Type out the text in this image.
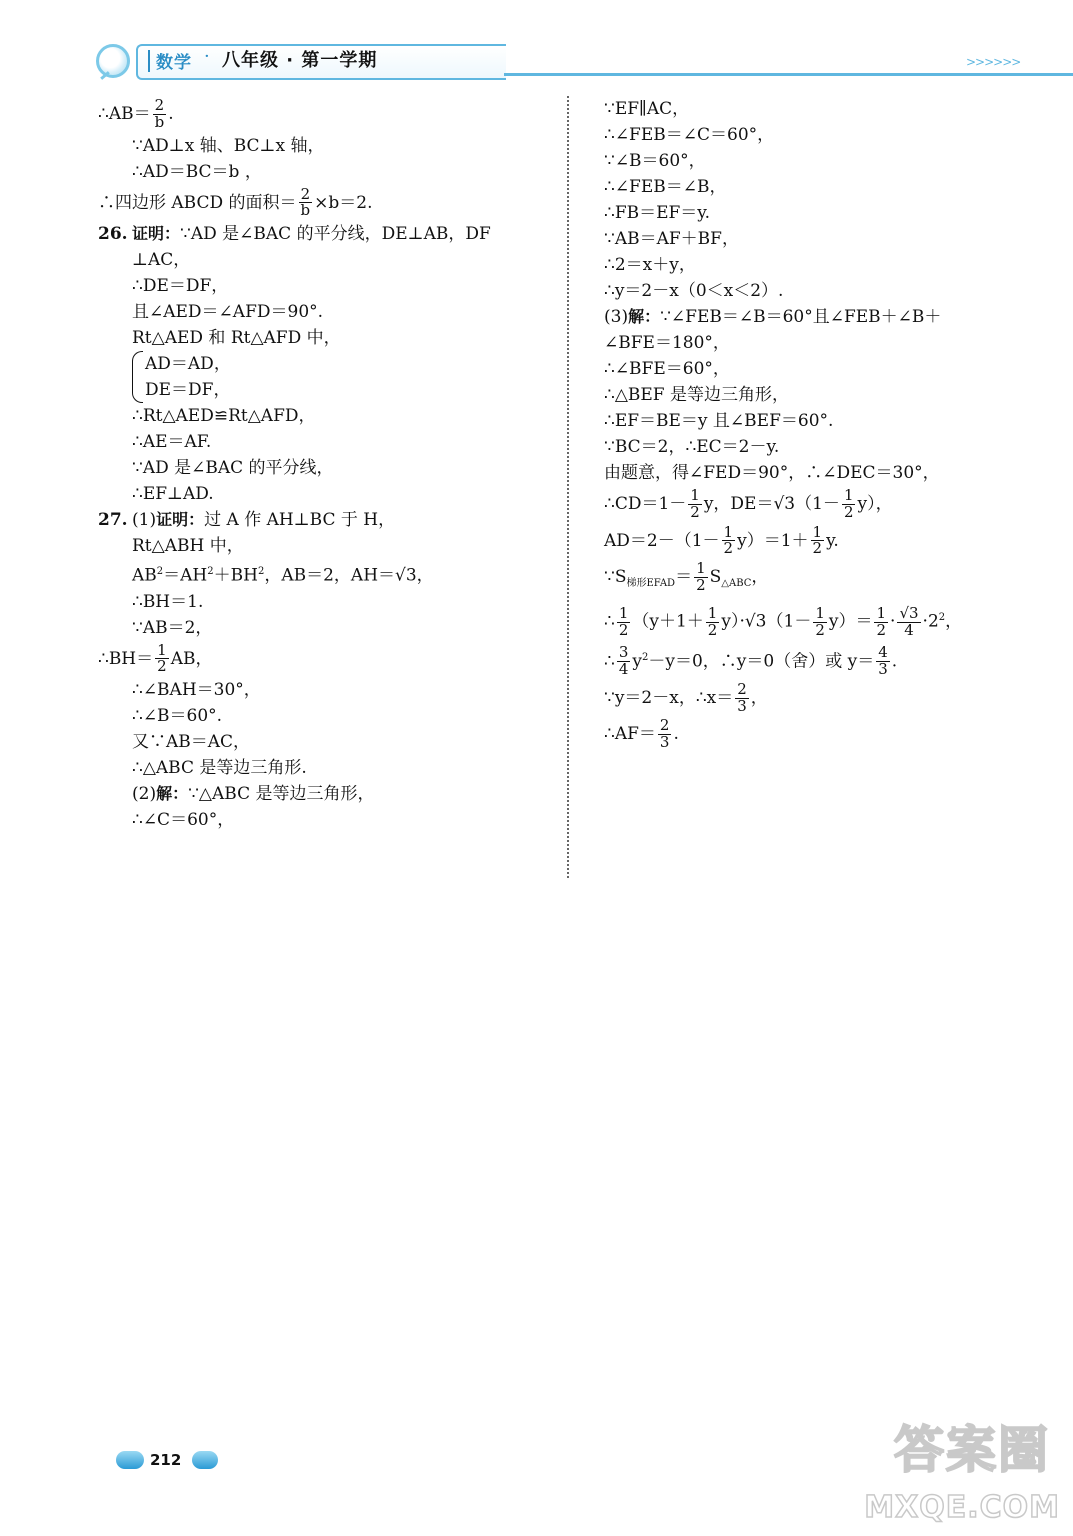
数学 · 八年级 · 第一学期	>>>>>>
∴AB＝ $\frac{2}{b}$ .
∵AD⊥x 轴、BC⊥x 轴，
∴AD＝BC＝b ，
∴四边形 ABCD 的面积＝ $\frac{2}{b} \times b=2$.
26. 证明：∵AD 是∠BAC 的平分线，DE⊥AB，DF
⊥AC，
∴DE＝DF，
且∠AED＝∠AFD＝90°.
Rt△AED 和 Rt△AFD 中，
AD＝AD，
DE＝DF，
∴Rt△AED≌Rt△AFD，
∴AE＝AF.
∵AD 是∠BAC 的平分线，
∴EF⊥AD.
27. (1)证明：过 A 作 AH⊥BC 于 H，
Rt△ABH 中，
$AB^2=AH^2+BH^2$，AB＝2，AH＝√3，
∴BH＝1.
∵AB＝2，
∴BH＝ $\frac{1}{2}$ AB，
∴∠BAH＝30°，
∴∠B＝60°.
又∵AB＝AC，
∴△ABC 是等边三角形.
(2)解：∵△ABC 是等边三角形，
∴∠C＝60°，
∵EF∥AC，
∴∠FEB＝∠C＝60°，
∵∠B＝60°，
∴∠FEB＝∠B，
∴FB＝EF＝y.
∵AB＝AF＋BF，
∴2＝x＋y，
∴y＝2－x（0＜x＜2）.
(3)解：∵∠FEB＝∠B＝60°且∠FEB＋∠B＋
∠BFE＝180°，
∴∠BFE＝60°，
∴△BEF 是等边三角形，
∴EF＝BE＝y 且∠BEF＝60°.
∵BC＝2，∴EC＝2－y.
由题意，得∠FED＝90°，∴∠DEC＝30°，
∴CD＝1－ $\frac{1}{2}$ y，$DE=√3(1- \frac{1}{2} y)$，
$AD=2-(1- \frac{1}{2} y)=1+ \frac{1}{2} y$.
$\because S_{梯形EFAD}= \frac{1}{2} S_{\triangle ABC}$，
∴ $\frac{1}{2} (y+1+ \frac{1}{2} y)\cdot√3(1- \frac{1}{2} y)= \frac{1}{2} \cdot \frac{√3}{4} \cdot 2^2$，
∴ $\frac{3}{4} y^2-y=0$，∴y＝0（舍）或 $y= \frac{4}{3}$ .
∵y＝2－x，∴x＝ $\frac{2}{3}$ ，
∴AF＝ $\frac{2}{3}$ .
212	答案圈
MXQE.COM
